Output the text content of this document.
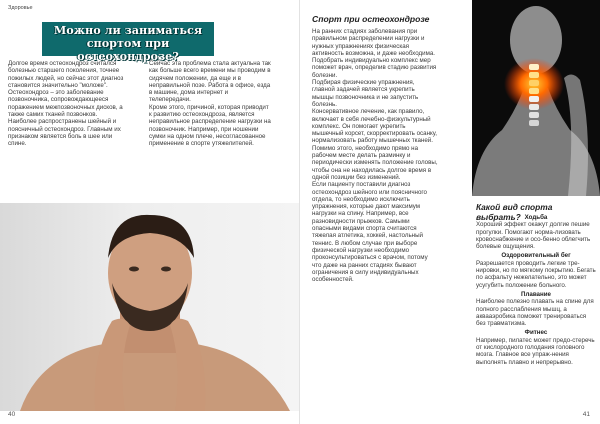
Здоровье
Можно ли заниматься спортом при
остеохондрозе?

Долгое время остеохондроз считался болезнью старшего поколения, точнее пожилых людей, но сейчас этот диагноз становится значительно "моложе".

Остеохондроз – это заболевание позвоночника, сопровождающееся поражением межпозвоночных дисков, а также самих тканей позвонков.

Наиболее распространены шейный и поясничный остеохондроз. Главным их признаком является боль в шее или спине.

Сейчас эта проблема стала актуальна так как больше всего времени мы проводим в сидячем положении, да еще и в неправильной позе. Работа в офисе, езда в машине, дома интернет и телепередачи.

Кроме этого, причиной, которая приводит к развитию остеохондроза, является неправильное распределение нагрузки на позвоночник. Например, при ношении сумки на одном плече, несогласованное применение в спорте утяжелителей.

40
Спорт при остеохондрозе

На ранних стадиях заболевания при правильном распределении нагрузки и нужных упражнениях физическая активность возможна, и даже необходима. Подобрать индивидуально комплекс мер поможет врач, определив стадию развития болезни.

Подбирая физические упражнения, главной задачей является укрепить мышцы позвоночника и не запустить болезнь.

Консервативное лечение, как правило, включает в себя лечебно-физкультурный комплекс. Он помогает укрепить мышечный корсет, скорректировать осанку, нормализовать работу мышечных тканей. Помимо этого, необходимо прямо на рабочем месте делать разминку и периодически изменять положение головы, чтобы она не находилась долгое время в одной позиции без изменений.

Если пациенту поставили диагноз остеохондроз шейного или поясничного отдела, то необходимо исключить упражнения, которые дают максимум нагрузки на спину. Например, все разновидности прыжков. Самыми опасными видами спорта считаются тяжелая атлетика, хоккей, настольный теннис. В любом случае при выборе физической нагрузки необходимо проконсультироваться с врачом, потому что даже на ранних стадиях бывают ограничения в силу индивидуальных особенностей.

Какой вид спорта выбрать? Ходьба
Хороший эффект окажут долгие пешие прогулки. Помогают норма-лизовать кровоснабжение и осо-бенно облегчить болевые ощущения.
Оздоровительный бег
Разрешается проводить легкие тре-нировки, но по мягкому покрытию. Бегать по асфальту нежелательно, это может усугубить положение больного.
Плавание
Наиболее полезно плавать на спине для полного расслабления мышц, а аквааэробика поможет тренироваться без травматизма.
Фитнес
Например, пилатес может предо-стеречь от кислородного голодания головного мозга. Главное все упраж-нения выполнять плавно и непрерывно.
41
